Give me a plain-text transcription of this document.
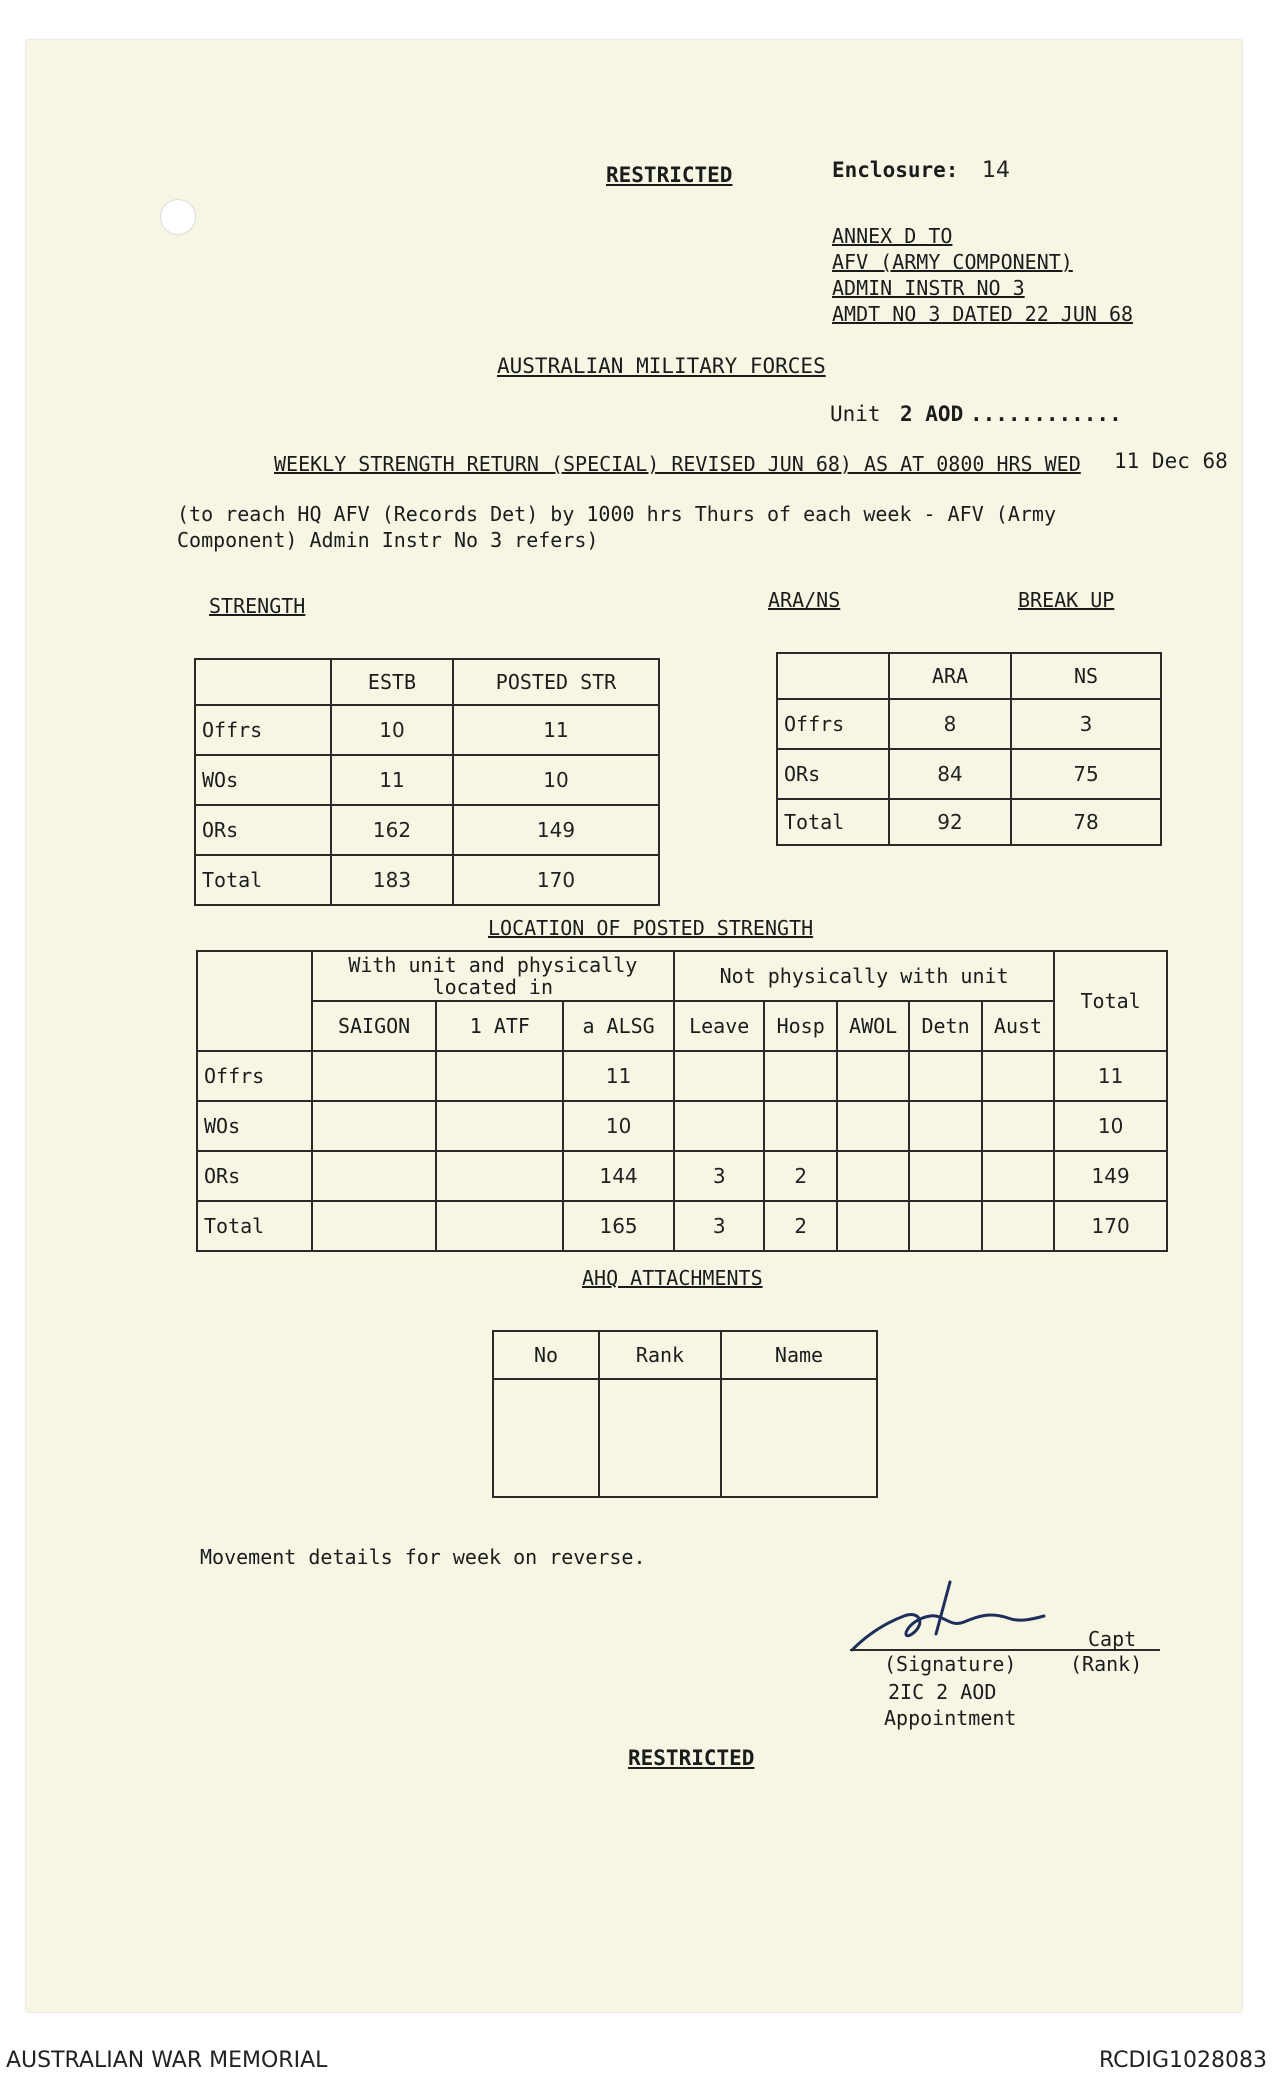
RESTRICTED	Enclosure: 14
ANNEX D TO
AFV (ARMY COMPONENT)
ADMIN INSTR NO 3
AMDT NO 3 DATED 22 JUN 68
AUSTRALIAN MILITARY FORCES
Unit 2 AOD ............
WEEKLY STRENGTH RETURN (SPECIAL) REVISED JUN 68) AS AT 0800 HRS WED 11 Dec 68
(to reach HQ AFV (Records Det) by 1000 hrs Thurs of each week - AFV (Army
Component) Admin Instr No 3 refers)
STRENGTH
	ESTB	POSTED STR
Offrs	10	11
WOs	11	10
ORs	162	149
Total	183	170
ARA/NS	BREAK UP
	ARA	NS
Offrs	8	3
ORs	84	75
Total	92	78
LOCATION OF POSTED STRENGTH

	With unit and physically
located in			Not physically with unit					Total
	SAIGON	1 ATF	a ALSG	Leave	Hosp	AWOL	Detn	Aust	
Offrs			11						11
WOs			10						10
ORs			144	3	2				149
Total			165	3	2				170
AHQ ATTACHMENTS
No	Rank	Name

Movement details for week on reverse.
Capt
(Signature)	(Rank)
2IC 2 AOD
Appointment
RESTRICTED
AUSTRALIAN WAR MEMORIAL	RCDIG1028083
